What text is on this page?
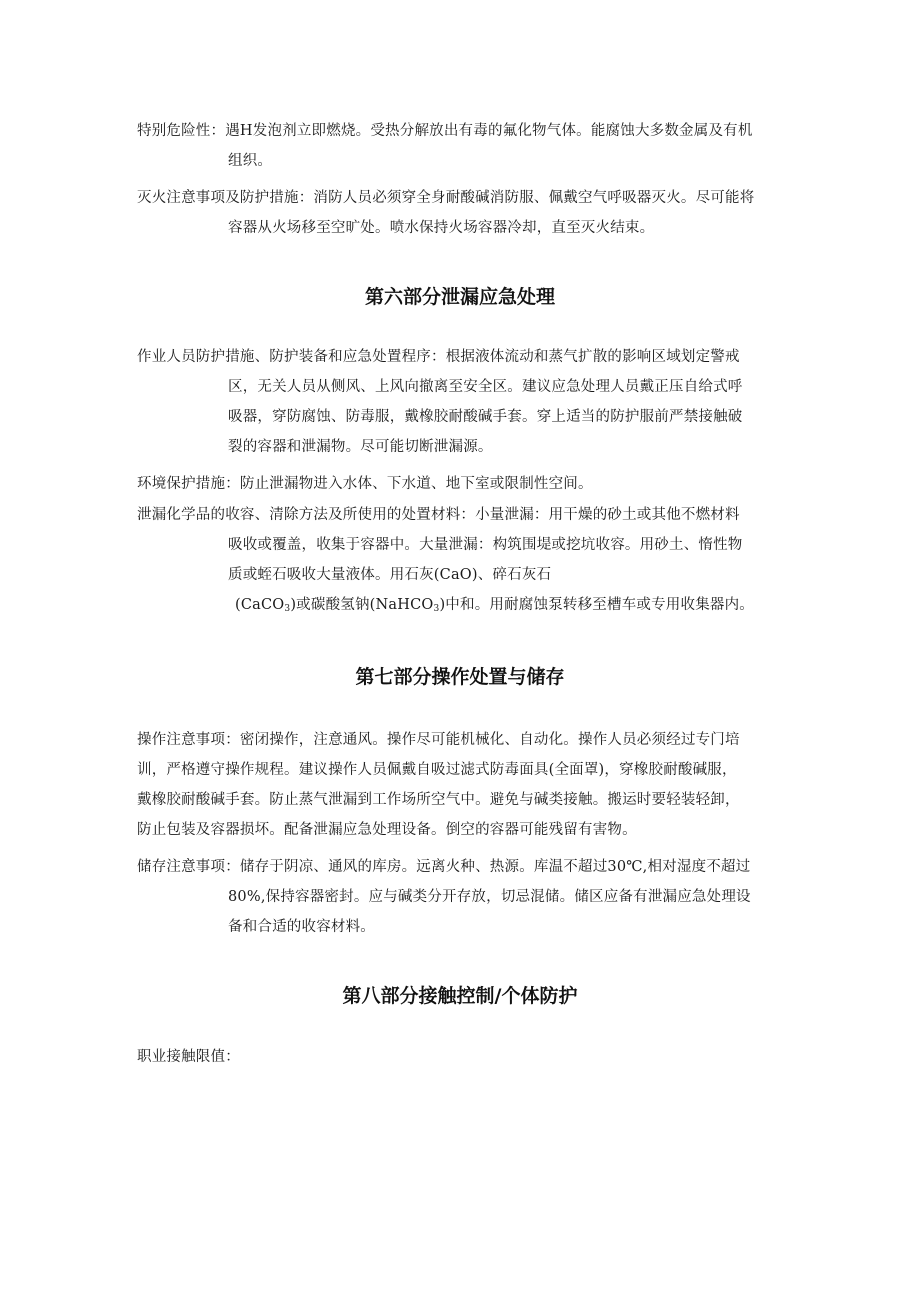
特别危险性：遇H发泡剂立即燃烧。受热分解放出有毒的氟化物气体。能腐蚀大多数金属及有机
组织。
灭火注意事项及防护措施：消防人员必须穿全身耐酸碱消防服、佩戴空气呼吸器灭火。尽可能将
容器从火场移至空旷处。喷水保持火场容器冷却，直至灭火结束。
第六部分泄漏应急处理
作业人员防护措施、防护装备和应急处置程序：根据液体流动和蒸气扩散的影响区域划定警戒
区，无关人员从侧风、上风向撤离至安全区。建议应急处理人员戴正压自给式呼
吸器，穿防腐蚀、防毒服，戴橡胶耐酸碱手套。穿上适当的防护服前严禁接触破
裂的容器和泄漏物。尽可能切断泄漏源。
环境保护措施：防止泄漏物进入水体、下水道、地下室或限制性空间。
泄漏化学品的收容、清除方法及所使用的处置材料：小量泄漏：用干燥的砂土或其他不燃材料
吸收或覆盖，收集于容器中。大量泄漏：构筑围堤或挖坑收容。用砂土、惰性物
质或蛭石吸收大量液体。用石灰(CaO)、碎石灰石
(CaCO$_3$)或碳酸氢钠(NaHCO$_3$)中和。用耐腐蚀泵转移至槽车或专用收集器内。
第七部分操作处置与储存
操作注意事项：密闭操作，注意通风。操作尽可能机械化、自动化。操作人员必须经过专门培
训，严格遵守操作规程。建议操作人员佩戴自吸过滤式防毒面具(全面罩)，穿橡胶耐酸碱服，
戴橡胶耐酸碱手套。防止蒸气泄漏到工作场所空气中。避免与碱类接触。搬运时要轻装轻卸，
防止包装及容器损坏。配备泄漏应急处理设备。倒空的容器可能残留有害物。
储存注意事项：储存于阴凉、通风的库房。远离火种、热源。库温不超过30℃,相对湿度不超过
80%,保持容器密封。应与碱类分开存放，切忌混储。储区应备有泄漏应急处理设
备和合适的收容材料。
第八部分接触控制/个体防护
职业接触限值：
